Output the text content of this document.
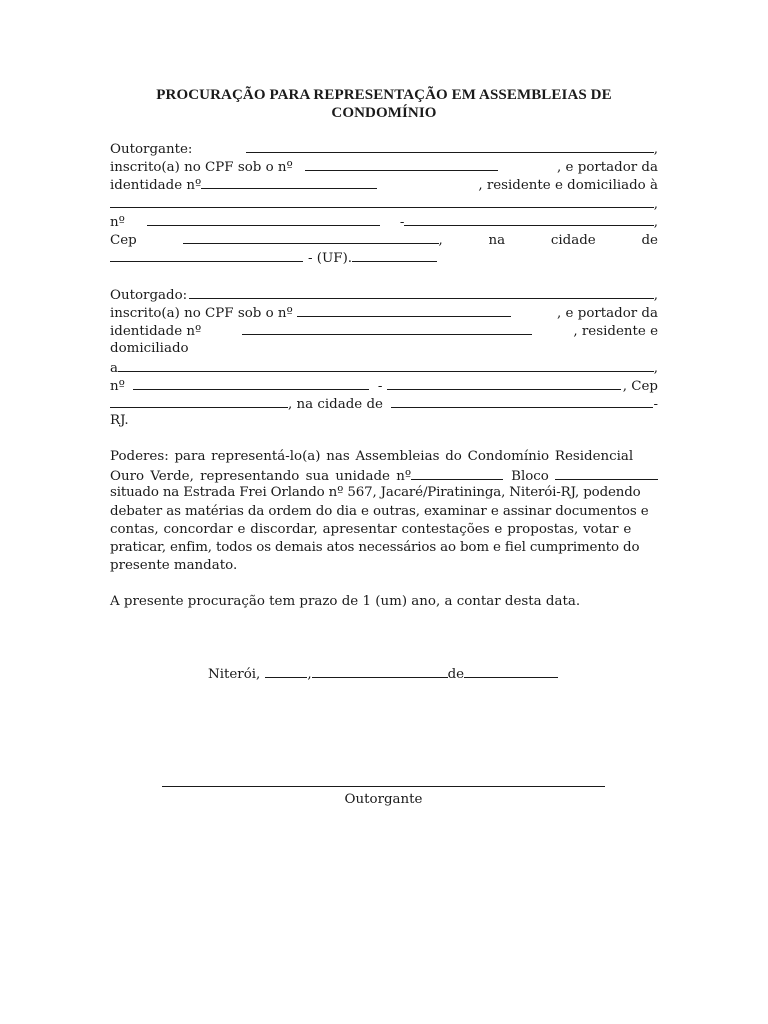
PROCURAÇÃO PARA REPRESENTAÇÃO EM ASSEMBLEIAS DE
CONDOMÍNIO
Outorgante:	,
inscrito(a) no CPF sob o nº	, e portador da
identidade nº	, residente e domiciliado à
,
nº	-	,
Cep	,	na	cidade	de
- (UF).
Outorgado:	,
inscrito(a) no CPF sob o nº	, e portador da
identidade nº	, residente e
domiciliado
a	,
nº	-	, Cep
, na cidade de	-
RJ.
Poderes: para representá-lo(a) nas Assembleias do Condomínio Residencial
Ouro Verde, representando sua unidade nº	Bloco
situado na Estrada Frei Orlando nº 567, Jacaré/Piratininga, Niterói-RJ, podendo
debater as matérias da ordem do dia e outras, examinar e assinar documentos e
contas, concordar e discordar, apresentar contestações e propostas, votar e
praticar, enfim, todos os demais atos necessários ao bom e fiel cumprimento do
presente mandato.
A presente procuração tem prazo de 1 (um) ano, a contar desta data.
Niterói,	,	de
Outorgante
